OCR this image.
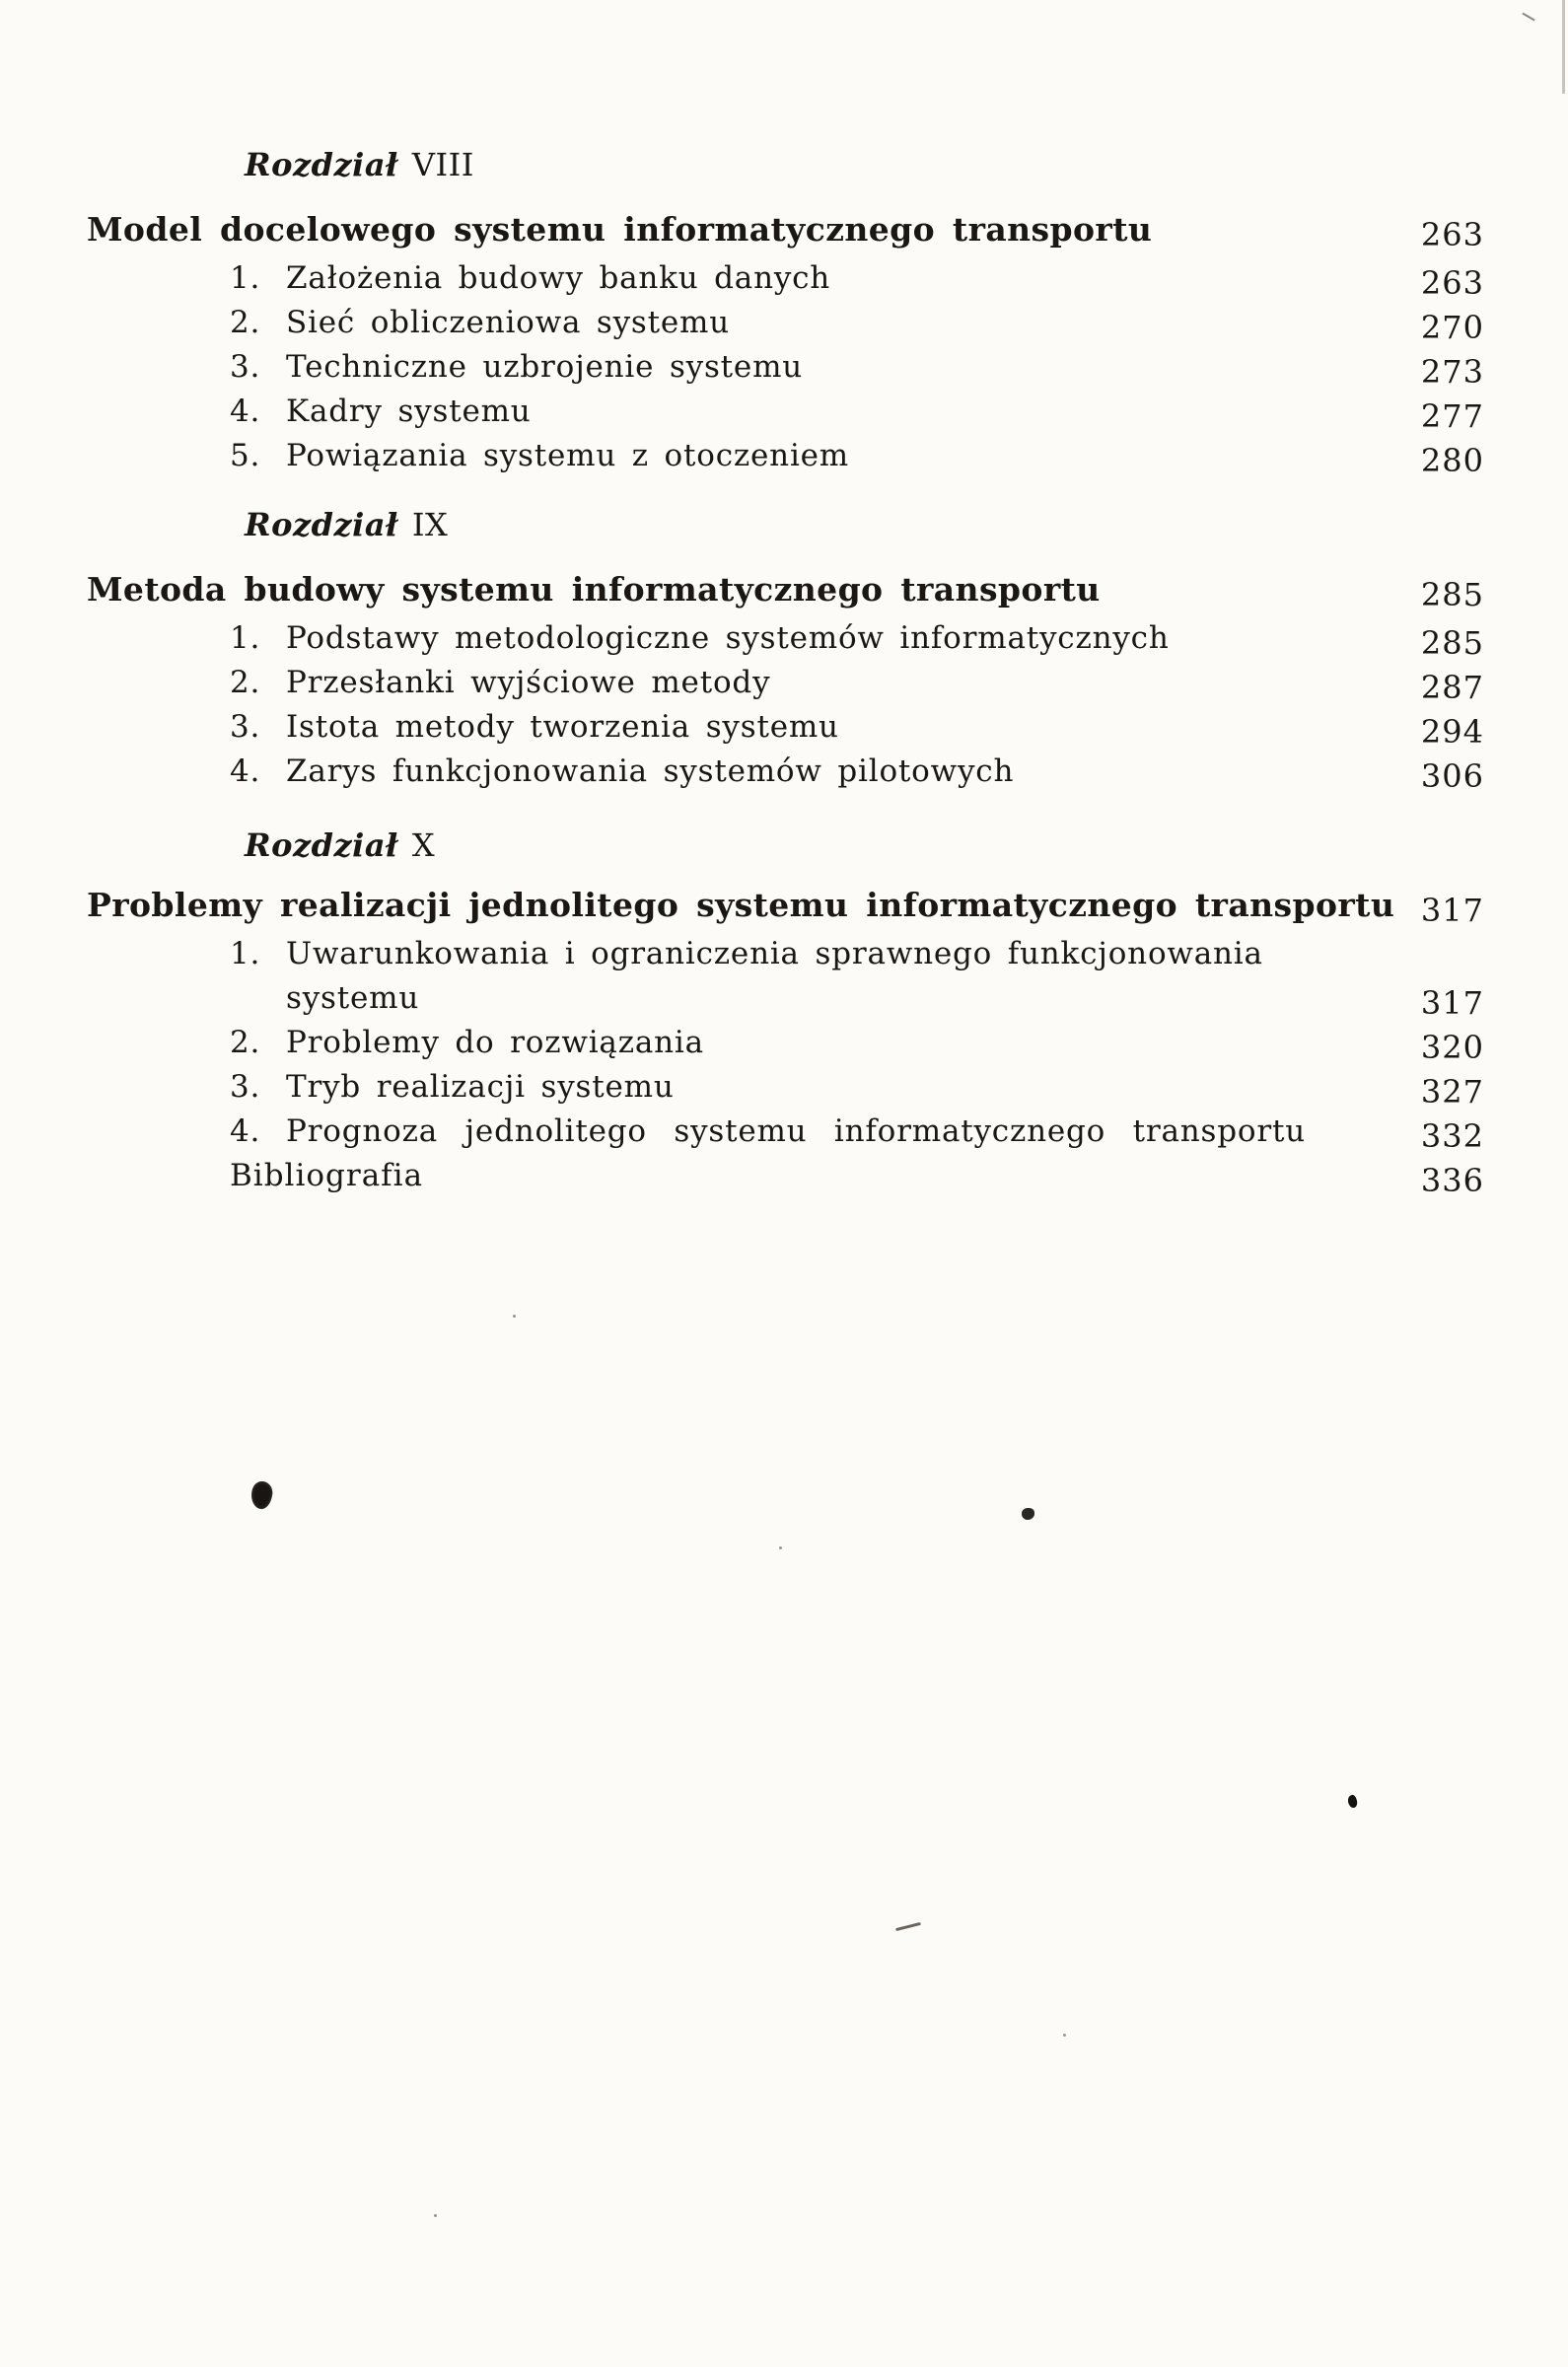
Rozdział VIII
Model docelowego systemu informatycznego transportu	263
1. Założenia budowy banku danych	263
2. Sieć obliczeniowa systemu	270
3. Techniczne uzbrojenie systemu	273
4. Kadry systemu	277
5. Powiązania systemu z otoczeniem	280
Rozdział IX
Metoda budowy systemu informatycznego transportu	285
1. Podstawy metodologiczne systemów informatycznych	285
2. Przesłanki wyjściowe metody	287
3. Istota metody tworzenia systemu	294
4. Zarys funkcjonowania systemów pilotowych	306
Rozdział X
Problemy realizacji jednolitego systemu informatycznego transportu 317
1. Uwarunkowania i ograniczenia sprawnego funkcjonowania
systemu	317
2. Problemy do rozwiązania	320
3. Tryb realizacji systemu	327
4. Prognoza jednolitego systemu informatycznego transportu	332
Bibliografia	336
